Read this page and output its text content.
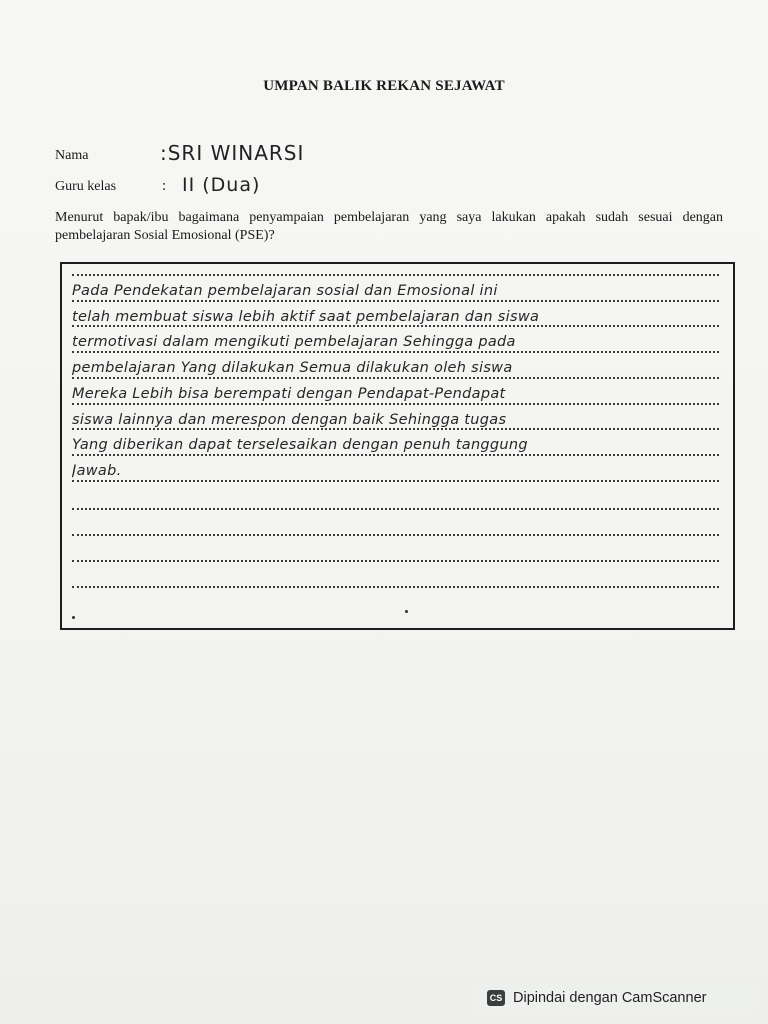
UMPAN BALIK REKAN SEJAWAT
Nama	:SRI WINARSI
Guru kelas	: II (Dua)
Menurut bapak/ibu bagaimana penyampaian pembelajaran yang saya lakukan apakah sudah sesuai dengan pembelajaran Sosial Emosional (PSE)?
Pada Pendekatan pembelajaran sosial dan Emosional ini
telah membuat siswa lebih aktif saat pembelajaran dan siswa
termotivasi dalam mengikuti pembelajaran Sehingga pada
pembelajaran Yang dilakukan Semua dilakukan oleh siswa
Mereka Lebih bisa berempati dengan Pendapat-Pendapat
siswa lainnya dan merespon dengan baik Sehingga tugas
Yang diberikan dapat terselesaikan dengan penuh tanggung
Jawab.
CS Dipindai dengan CamScanner
